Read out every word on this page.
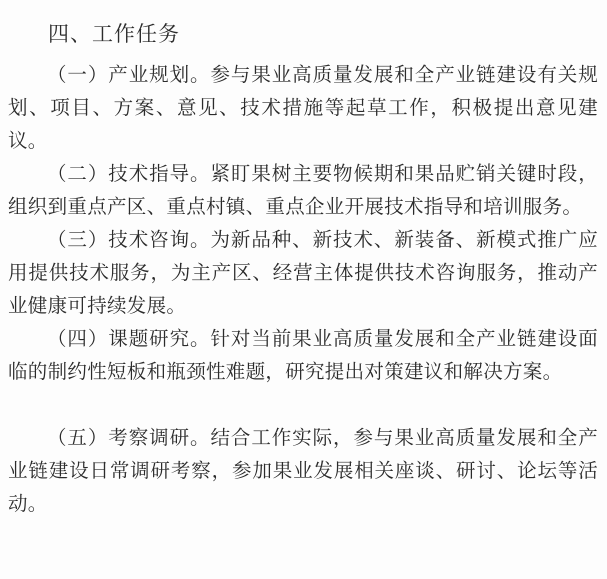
四、工作任务

（一）产业规划。参与果业高质量发展和全产业链建设有关规划、项目、方案、意见、技术措施等起草工作，积极提出意见建议。

（二）技术指导。紧盯果树主要物候期和果品贮销关键时段，组织到重点产区、重点村镇、重点企业开展技术指导和培训服务。

（三）技术咨询。为新品种、新技术、新装备、新模式推广应用提供技术服务，为主产区、经营主体提供技术咨询服务，推动产业健康可持续发展。

（四）课题研究。针对当前果业高质量发展和全产业链建设面临的制约性短板和瓶颈性难题，研究提出对策建议和解决方案。

（五）考察调研。结合工作实际，参与果业高质量发展和全产业链建设日常调研考察，参加果业发展相关座谈、研讨、论坛等活动。
